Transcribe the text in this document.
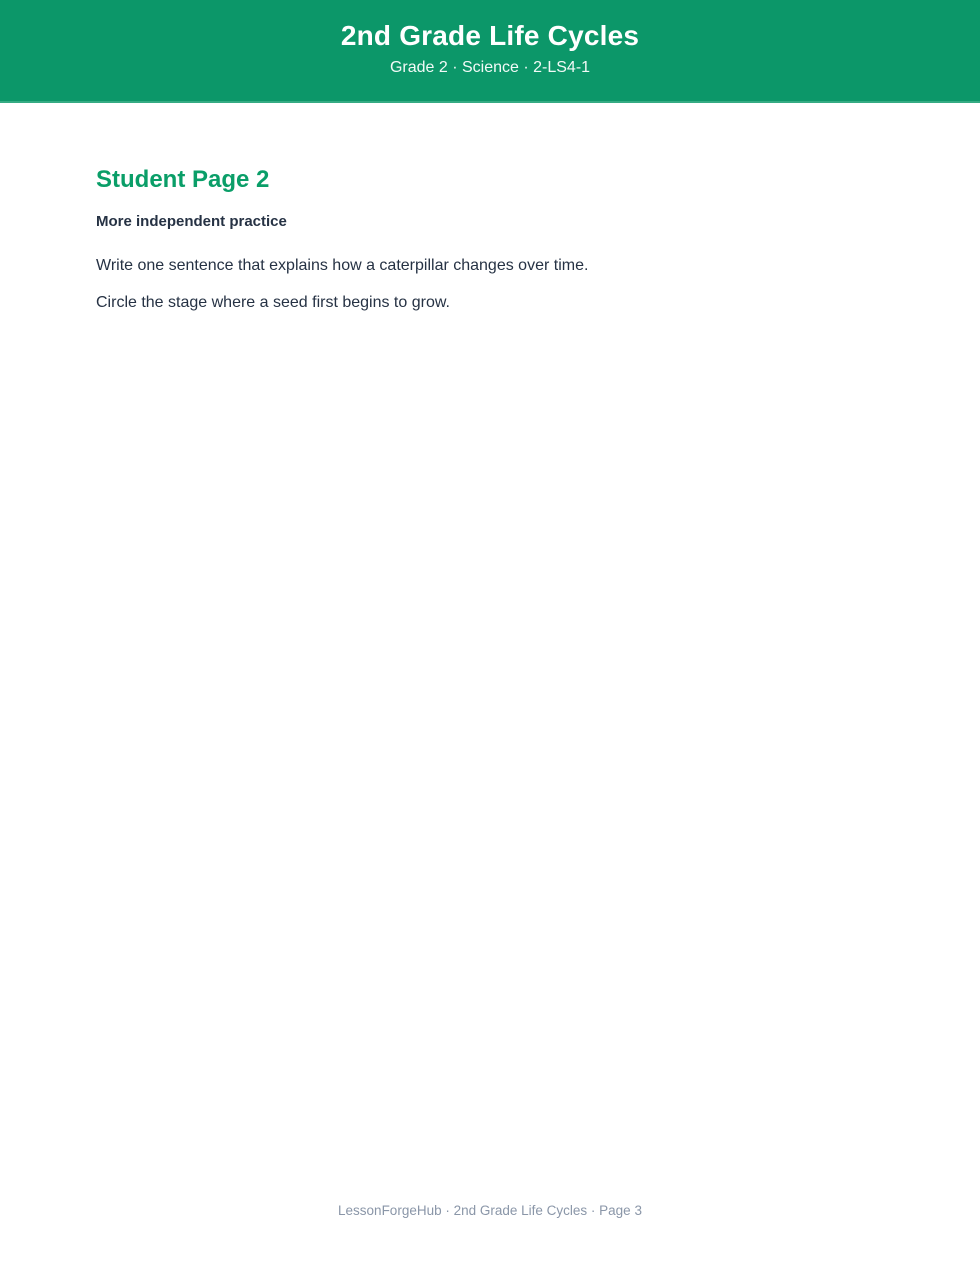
2nd Grade Life Cycles
Grade 2 · Science · 2-LS4-1
Student Page 2

More independent practice

Write one sentence that explains how a caterpillar changes over time.

Circle the stage where a seed first begins to grow.

LessonForgeHub · 2nd Grade Life Cycles · Page 3
